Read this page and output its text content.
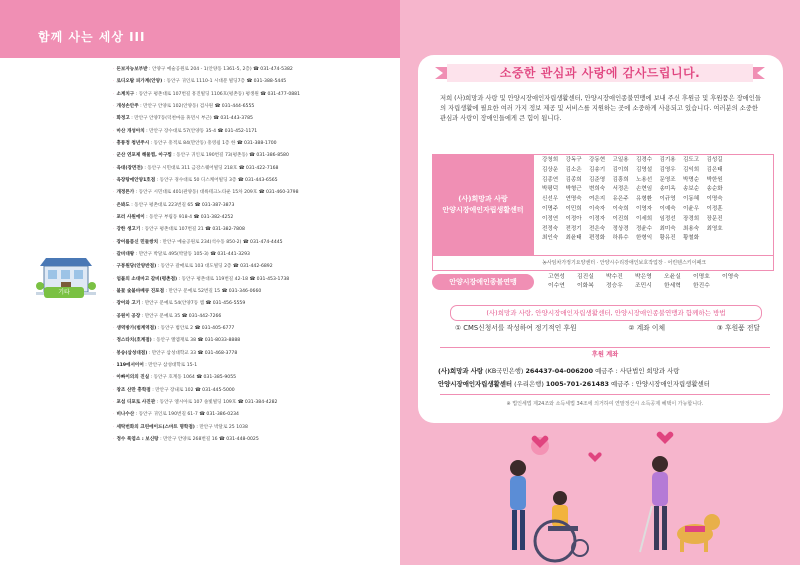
함께 사는 세상 III
· 돈보자능보부받 : 안양구 예술공원로 204 - 1(안양동 1361-5, 2층) ☎ 031-474-5382
· 로디오탐 피가계(안양) : 동안구 귀인로 1110-1 시대분 빌딩7층 ☎ 031-388-5445
· 소계치구 : 동안구 평촌대로 107번길 흥진빌딩 1106호(평촌동) 평생원 ☎ 031-477-0881
· 개성손안주 : 만안구 안양로 102(안양동) 검사원 ☎ 031-444-6555
· 화정고 : 만안구 안양7동(덕천마을 휴먼시 부근) ☎ 031-443-3785
· 마산 개성아치 : 만안구 장수대로 57(안양동 35-4 ☎ 031-452-1171
· 흥통정 청년주시 : 동안구 흥적로 84(만안동) 흥영쉼 1층 한 ☎ 031-388-1700
· 군산 연포제 해물찜, 아구찜 : 동안구 귀인로 190번길 73(평촌동) ☎ 031-386-8580
· 육대(장면전) : 동안구 시민대로 311 금강스퀘어빌딩 218호 ☎ 031-422-7168
· 육장탕에안양1호점 : 동안구 경수대로 50 디스케어빌딩 3층 ☎ 031-443-6565
· 개정튼가 : 동안구 시민대로 401(관양동) 대륙테크노타운 15차 209호 ☎ 031-460-3798
· 은봐도 : 동안구 평촌대로 223번길 65 ☎ 031-387-3873
· 포러 사원에이 : 동안구 부림동 918-4 ☎ 031-382-4252
· 강한 생고기 : 동안구 평촌대로 107번길 21 ☎ 031-382-7808
· 장어를품신 민들쌍치 : 만안구 예술공원로 234(석수동 850-2) ☎ 031-474-4445
· 갈비대왕 : 만안구 박달로 495(박달동 105-3) ☎ 031-441-3293
· 구봉원당(안양반점) : 동안구 갈매로로 103 대도빌딩 2층 ☎ 031-442-6892
· 엄불의 소대마고 갈비(평촌점) : 동안구 평촌대로 119번길 42-18 ☎ 031-453-1738
· 불꽃 숯불바베큐 진포점 : 만안구 문예로 52번길 15 ☎ 031-346-0660
· 장어와 고기 : 만안구 문예로 54(안양7동 엠 ☎ 031-456-5559
· 공원이 공장 : 만안구 문예로 35 ☎ 031-442-7266
· 생역방가(범계역점) : 동안구 범안로 2 ☎ 031-405-6777
· 정스타치(호계점) : 동안구 엘엠재로 38 ☎ 031-8033-8888
· 봉송(삼성대점) : 만안구 삼성대학교 33 ☎ 031-468-3778
· 119에서이어 : 만안구 삼성대학로 15-1
· 아빠이의의 진실 : 동안구 호계동 1064 ☎ 031-385-9055
· 창조 산만 흥학점 : 만안구 장내로 102 ☎ 031-445-5000
· 포섬 디포토 사진관 : 동안구 엘시아로 107 솔빛빌딩 109호 ☎ 031-384-4282
· 비나수산 : 동안구 귀인로 190번길 61-7 ☎ 031-386-0234
· 세탁번화의 크린에이드(스마트 명학점) : 만안구 박달로 25 1038
· 정수 폭염소 : 보신탕 : 만안구 안양로 268번길 16 ☎ 031-448-0025
기타
소중한 관심과 사랑에 감사드립니다.
저희 (사)희망과 사랑 및 안양시장애인자립생활센터, 안양시장애인종불연맹에 보내 주신 후원금 및 후원품은 장애인들의 자립생활에 필요한 여러 가지 정보 제공 및 서비스를 지원하는 곳에 소중하게 사용되고 있습니다. 여러분의 소중한 관심과 사랑이 장애인들에게 큰 힘이 됩니다.
(사)희망과 사랑
안양시장애인자립생활센터
강청희	강독구	강동현	고일용	김경수	김기용	김도고	김성길
김상운	김소은	김송기	김이희	김영설	김영우	김익희	김은태
김종연	김종희	김준영	김흥희	노용선	문영조	박명순	박한원
박평덕	박형근	변희숙	서정은	손현임	송미옥	송보순	송순화
신선우	연명숙	여은지	유은주	유형환	이규영	이동혜	이명숙
이명주	이민희	이숙자	이숙희	이영자	이예숙	이윤우	이정훈
이정연	이정아	이정자	이진희	이세희	임정선	장경희	장문진
전정숙	전정기	전은숙	정상경	정윤수	최미숙	최용숙	최영호
최인숙	최윤태	편정화	하류수	한형익	황유진	황철화
농사임차가정기요양센터 · 안양시수리장애인보호작업장 · 어린텐스키이패크
안양시장애인종불연맹
고현성	김진실	박수진	박은영	오윤실	이명호	이영숙
이수연	이화복	정승우	조민시	한세혁	한진수
(사)희망과 사랑, 안양시장애인자립생활센터, 안양시장애인종불연맹과 함께하는 방법
① CMS신청서를 작성하여 정기적인 후원	② 계좌 이체	③ 후원품 전달
후원 계좌
(사)희망과 사랑 (KB국민은행) 264437-04-006200 예금주 : 사단법인 희망과 사랑
안양시장애인자립생활센터 (우리은행) 1005-701-261483 예금주 : 안양시장애인자립생활센터
※ 법인세법 제24조와 소득세법 34조에 의거하여 연말정산시 소득공제 혜택이 가능합니다.
